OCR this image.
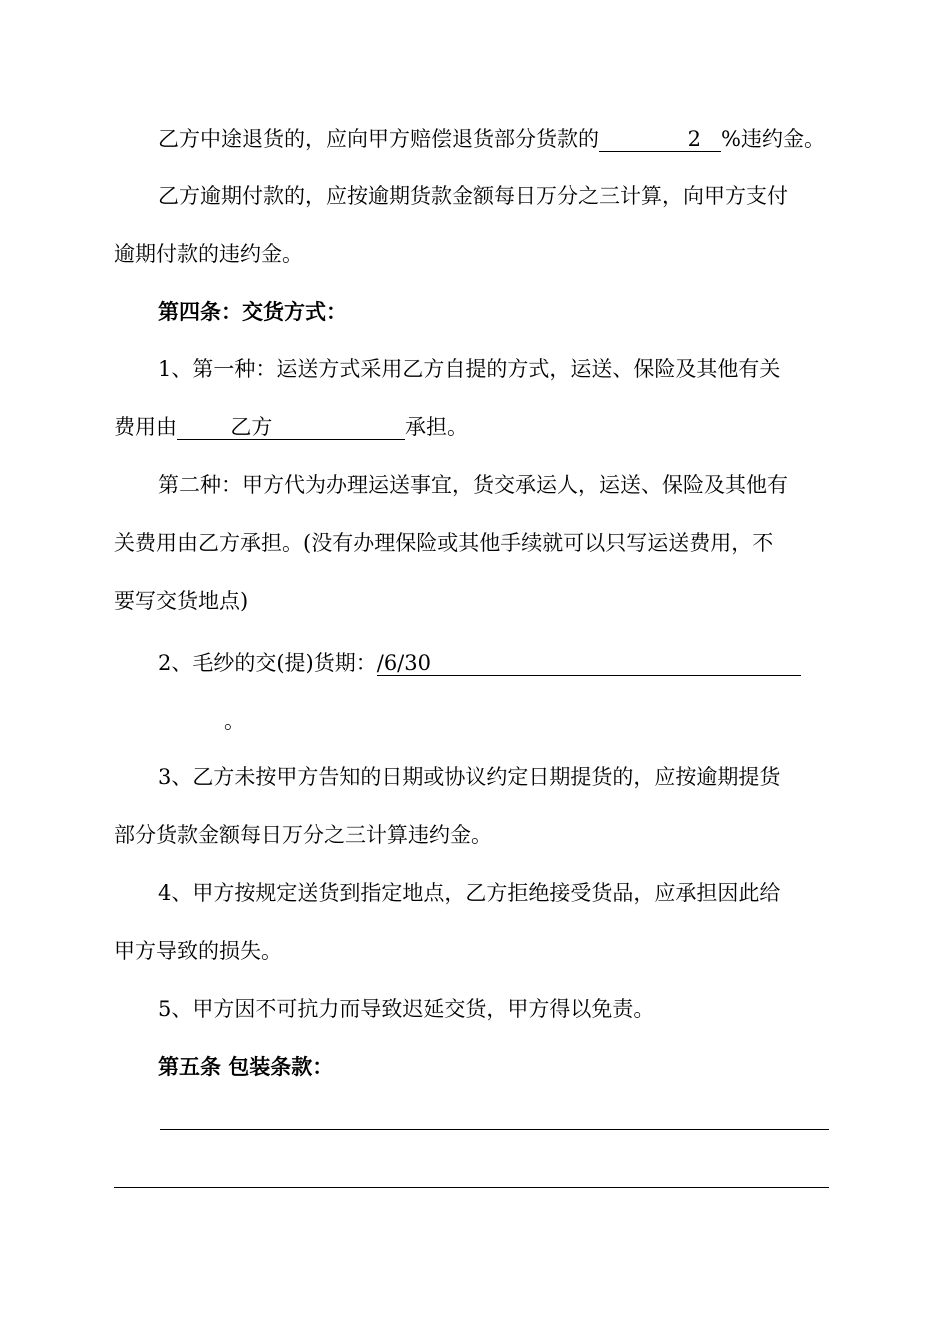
乙方中途退货的，应向甲方赔偿退货部分货款的	2 %违约金。
乙方逾期付款的，应按逾期货款金额每日万分之三计算，向甲方支付
逾期付款的违约金。
第四条：交货方式：
1、第一种：运送方式采用乙方自提的方式，运送、保险及其他有关
费用由	乙方	承担。
第二种：甲方代为办理运送事宜，货交承运人，运送、保险及其他有
关费用由乙方承担。(没有办理保险或其他手续就可以只写运送费用，不
要写交货地点)
2、毛纱的交(提)货期：/6/30
。
3、乙方未按甲方告知的日期或协议约定日期提货的，应按逾期提货
部分货款金额每日万分之三计算违约金。
4、甲方按规定送货到指定地点，乙方拒绝接受货品，应承担因此给
甲方导致的损失。
5、甲方因不可抗力而导致迟延交货，甲方得以免责。
第五条 包装条款：
